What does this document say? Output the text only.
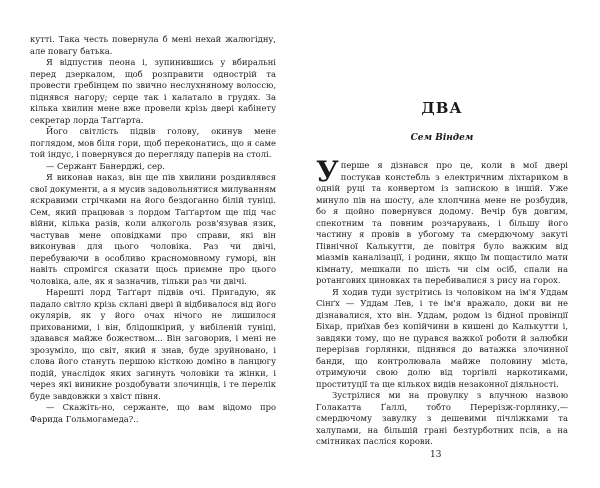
кутті. Така честь повернула б мені нехай жалюгідну, але повагу батька.

Я відпустив пеона і, зупинившись у вбиральні перед дзеркалом, щоб розправити однострій та провести гребінцем по звично неслухняному волоссю, піднявся нагору; серце так і калатало в грудях. За кілька хвилин мене вже провели крізь двері кабінету секретар лорда Таґґарта.

Його світлість підвів голову, окинув мене поглядом, мов біля гори, щоб переконатись, що я саме той індус, і повернувся до перегляду паперів на столі.

— Сержант Банерджі, сер.

Я виконав наказ, він ще пів хвилини роздивлявся свої документи, а я мусив задовольнятися милуванням яскравими стрічками на його бездоганно білій туніці. Сем, який працював з лордом Таґґартом ще під час війни, кілька разів, коли алкоголь розв'язував язик, частував мене оповідками про справи, які він виконував для цього чоловіка. Раз чи двічі, перебуваючи в особливо красномовному гуморі, він навіть спромігся сказати щось приємне про цього чоловіка, але, як я зазначив, тільки раз чи двічі.

Нарешті лорд Таґґарт підвів очі. Пригадую, як падало світло крізь склані двері й відбивалося від його окулярів, як у його очах нічого не лишилося прихованими, і він, блідошкірий, у вибіленій туніці, здавався майже божеством... Він заговорив, і мені не зрозуміло, що світ, який я знав, буде зруйновано, і слова його стануть першою кісткою доміно в ланцюгу подій, унаслідок яких загинуть чоловіки та жінки, і через які виникне роздобувати злочинців, і те перелік буде завдовжки з хвіст півня.

— Скажіть-но, сержанте, що вам відомо про Фарида Гольмогамеда?..

ДВА
Сем Віндем

Уперше я дізнався про це, коли в мої двері постукав констебль з електричним ліхтариком в одній руці та конвертом із запискою в іншій. Уже минуло пів на шосту, але хлопчина мене не розбудив, бо я щойно повернувся додому. Вечір був довгим, спекотним та повним розчарувань, і більшу його частину я провів в убогому та смердючому закуті Північної Калькутти, де повітря було важким від міазмів каналізації, і родини, якщо їм пощастило мати кімнату, мешкали по шість чи сім осіб, спали на ротангових циновках та перебивалися з рису на горох.

Я ходив туди зустрітись із чоловіком на ім'я Уддам Сінґх — Уддам Лев, і те ім'я вражало, доки ви не дізнавалися, хто він. Уддам, родом із бідної провінції Біхар, приїхав без копійчини в кишені до Калькутти і, завдяки тому, що не цурався важкої роботи й залюбки перерізав горлянки, піднявся до ватажка злочинної банди, що контролювала майже половину міста, отримуючи свою долю від торгівлі наркотиками, проституції та ще кількох видів незаконної діяльності.

Зустрілися ми на провулку з влучною назвою Голакатта Ґаллі, тобто Перерізж-горлянку,— смердючому завулку з дешевими пічліжками та халупами, на більшій грані безтурботних псів, а на смітниках пасліся корови.

13
